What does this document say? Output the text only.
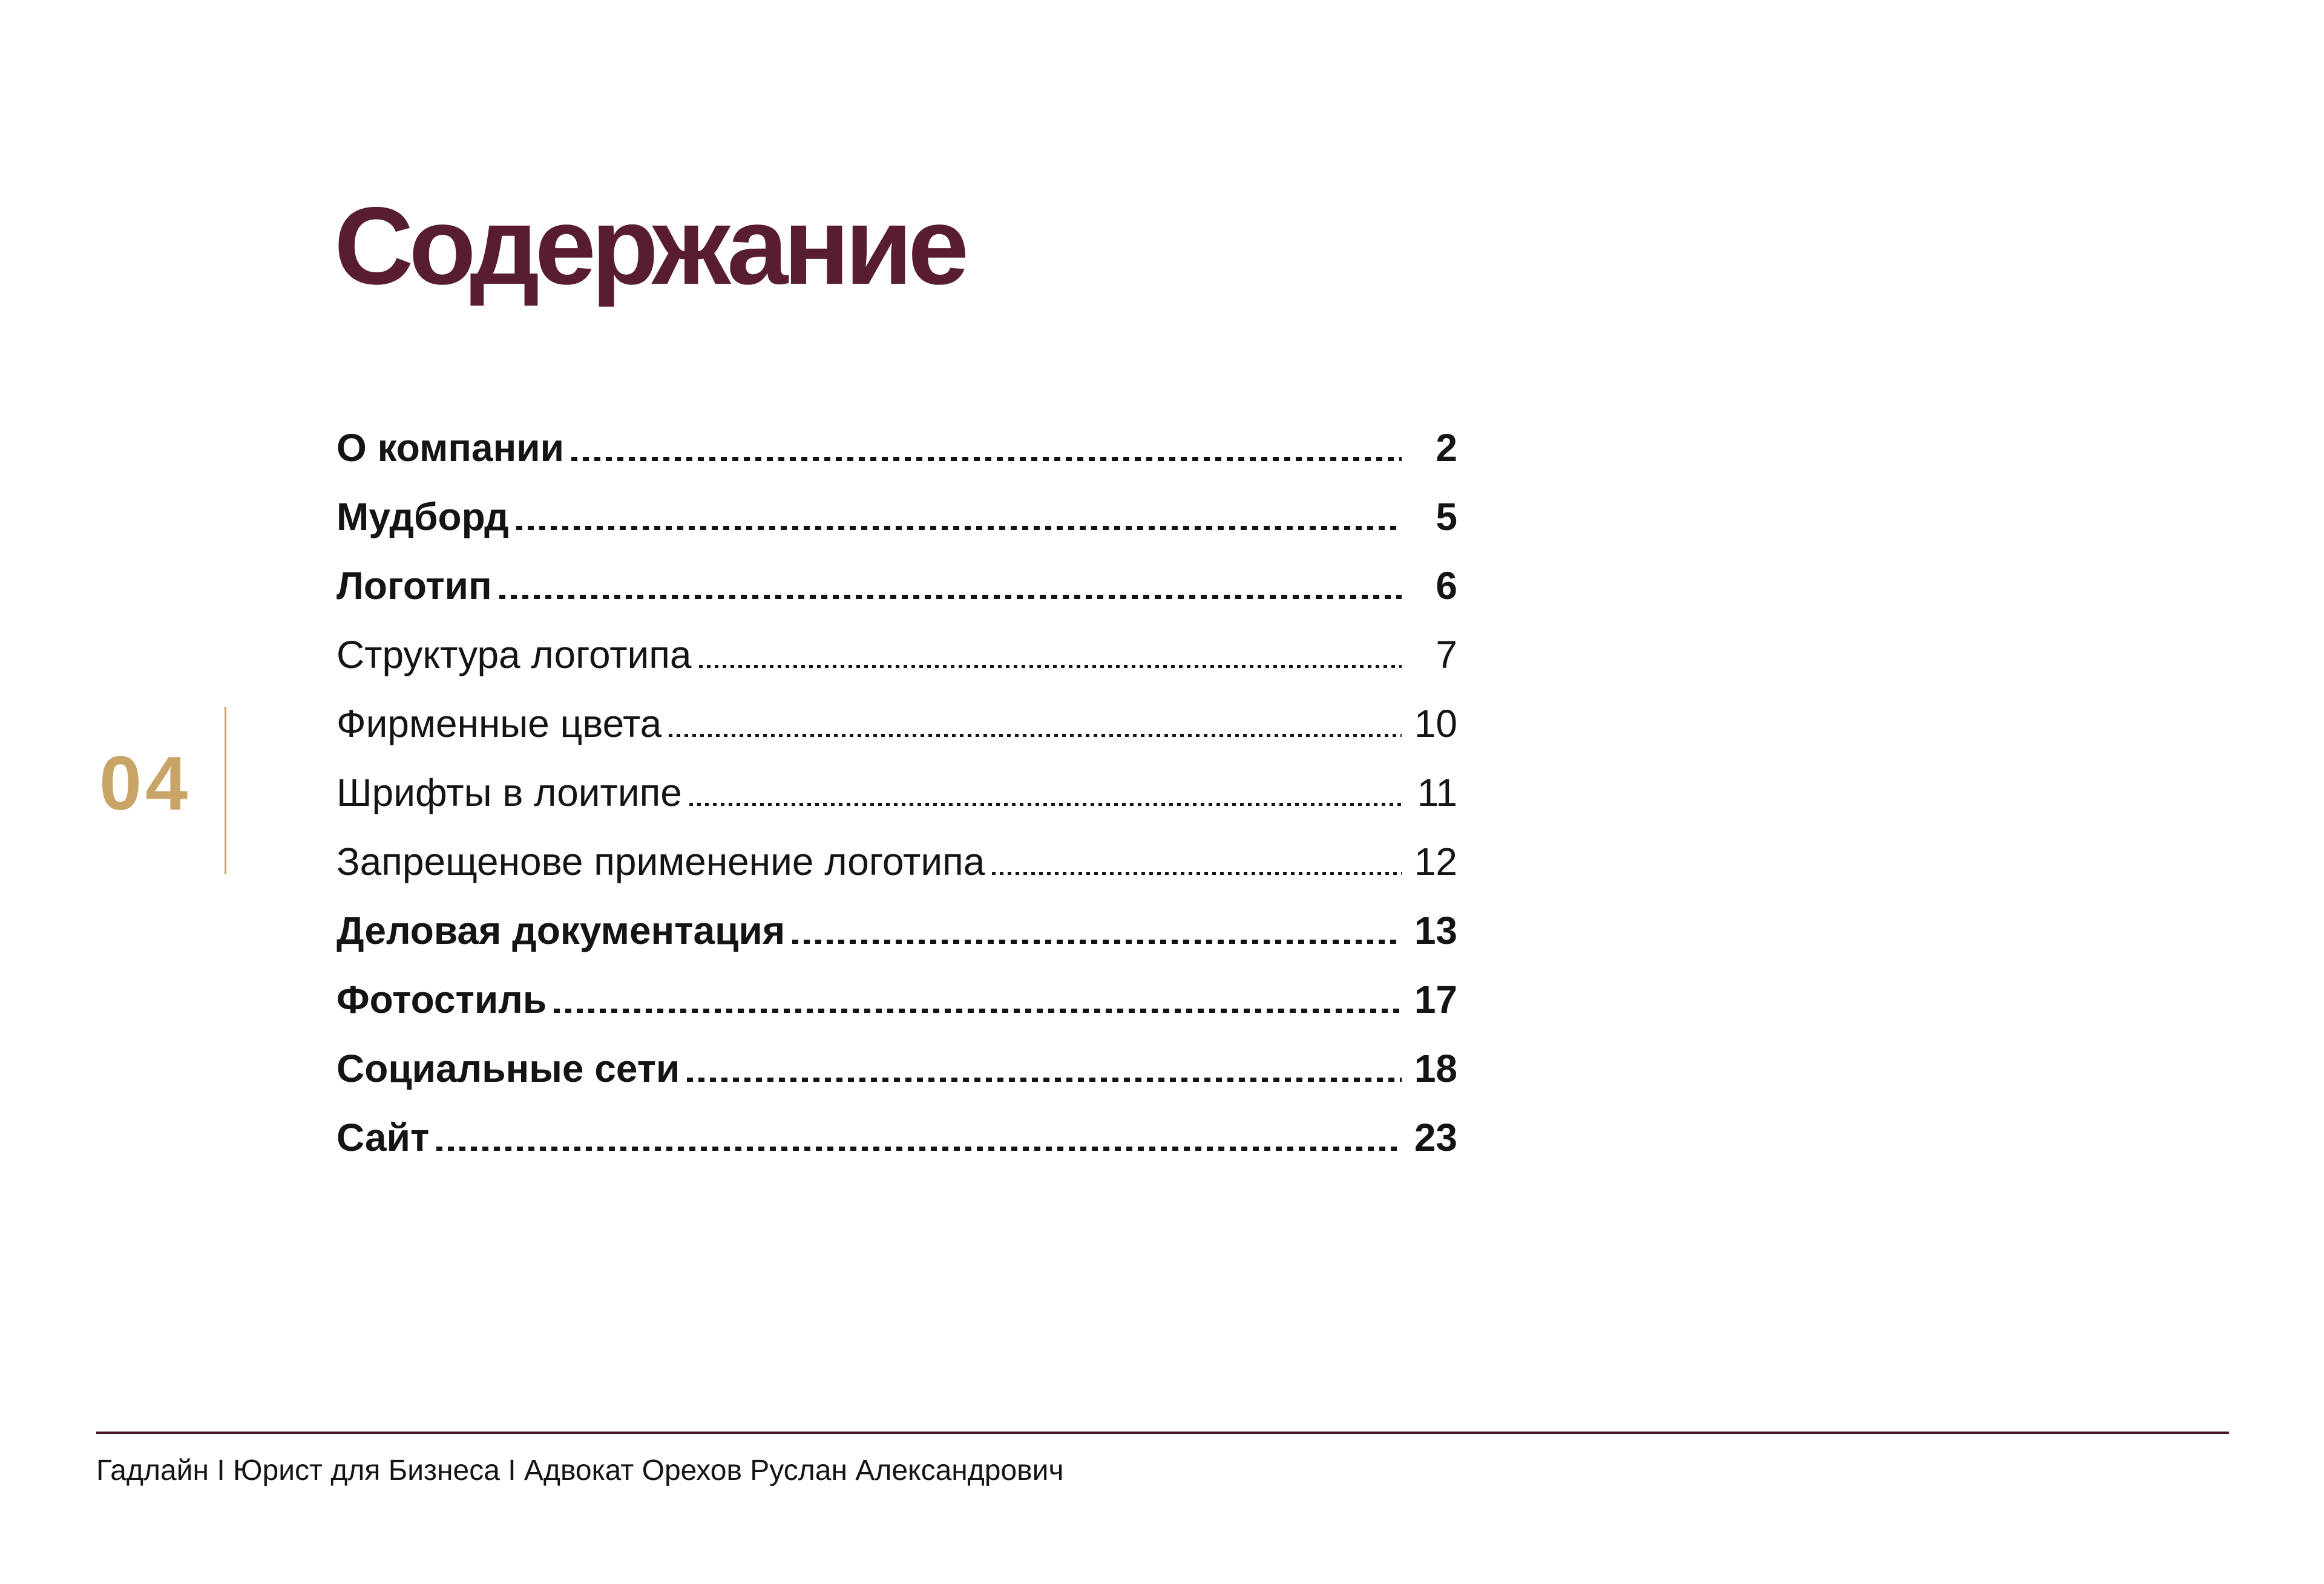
Содержание
О компании	2
Мудборд	5
Логотип	6
Структура логотипа	7
Фирменные цвета	10
Шрифты в лоитипе	11
Запрещенове применение логотипа	12
Деловая документация	13
Фотостиль	17
Социальные сети	18
Сайт	23
04
Гадлайн I Юрист для Бизнеса I Адвокат Орехов Руслан Александрович
